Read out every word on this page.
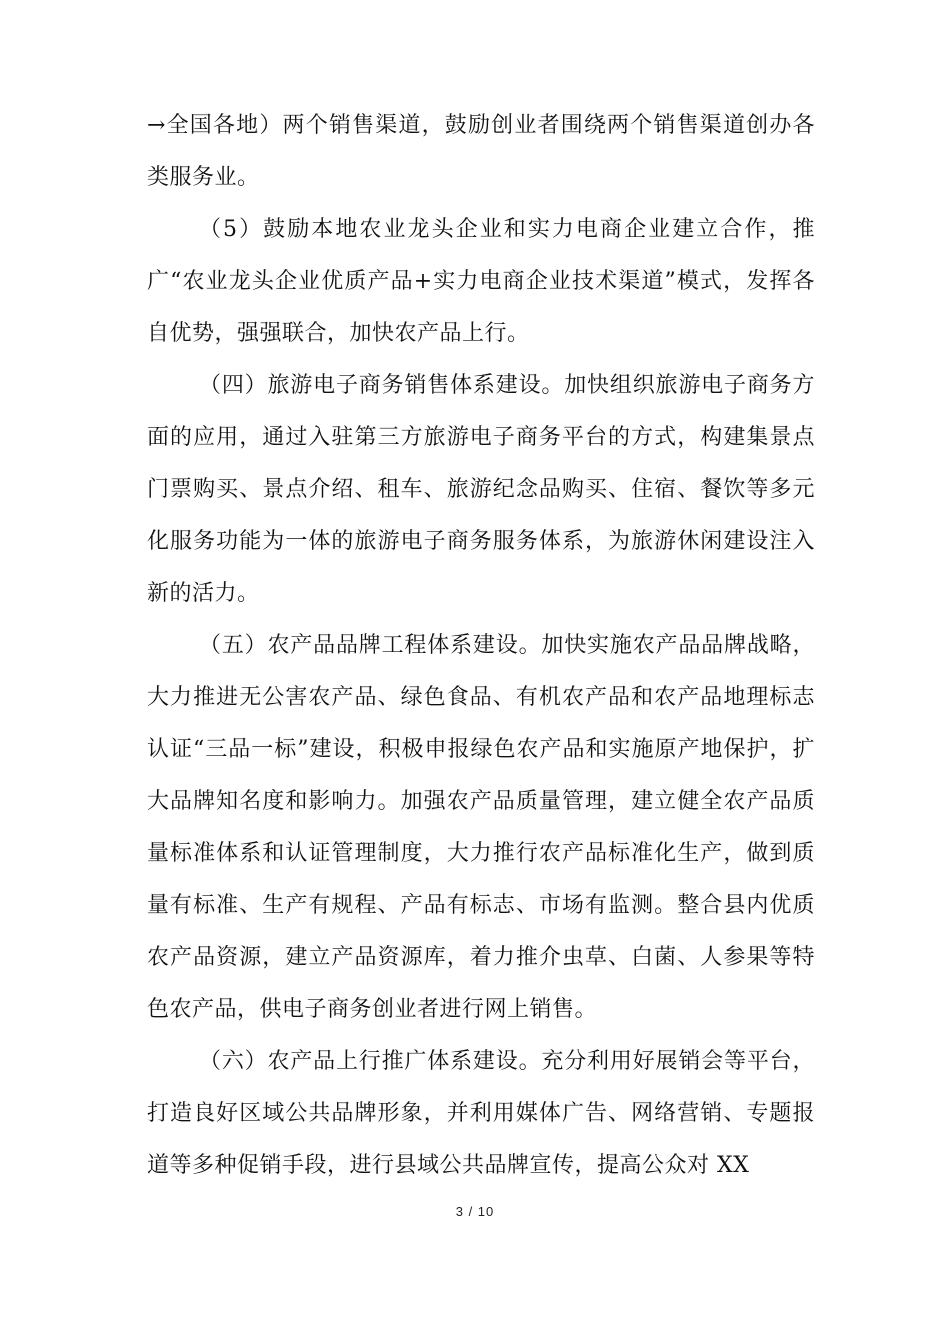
→全国各地）两个销售渠道，鼓励创业者围绕两个销售渠道创办各类服务业。

（5）鼓励本地农业龙头企业和实力电商企业建立合作，推广“农业龙头企业优质产品+实力电商企业技术渠道”模式，发挥各自优势，强强联合，加快农产品上行。

（四）旅游电子商务销售体系建设。加快组织旅游电子商务方面的应用，通过入驻第三方旅游电子商务平台的方式，构建集景点门票购买、景点介绍、租车、旅游纪念品购买、住宿、餐饮等多元化服务功能为一体的旅游电子商务服务体系，为旅游休闲建设注入新的活力。

（五）农产品品牌工程体系建设。加快实施农产品品牌战略，大力推进无公害农产品、绿色食品、有机农产品和农产品地理标志认证“三品一标”建设，积极申报绿色农产品和实施原产地保护，扩大品牌知名度和影响力。加强农产品质量管理，建立健全农产品质量标准体系和认证管理制度，大力推行农产品标准化生产，做到质量有标准、生产有规程、产品有标志、市场有监测。整合县内优质农产品资源，建立产品资源库，着力推介虫草、白菌、人参果等特色农产品，供电子商务创业者进行网上销售。

（六）农产品上行推广体系建设。充分利用好展销会等平台，打造良好区域公共品牌形象，并利用媒体广告、网络营销、专题报道等多种促销手段，进行县域公共品牌宣传，提高公众对 XX

3 / 10
